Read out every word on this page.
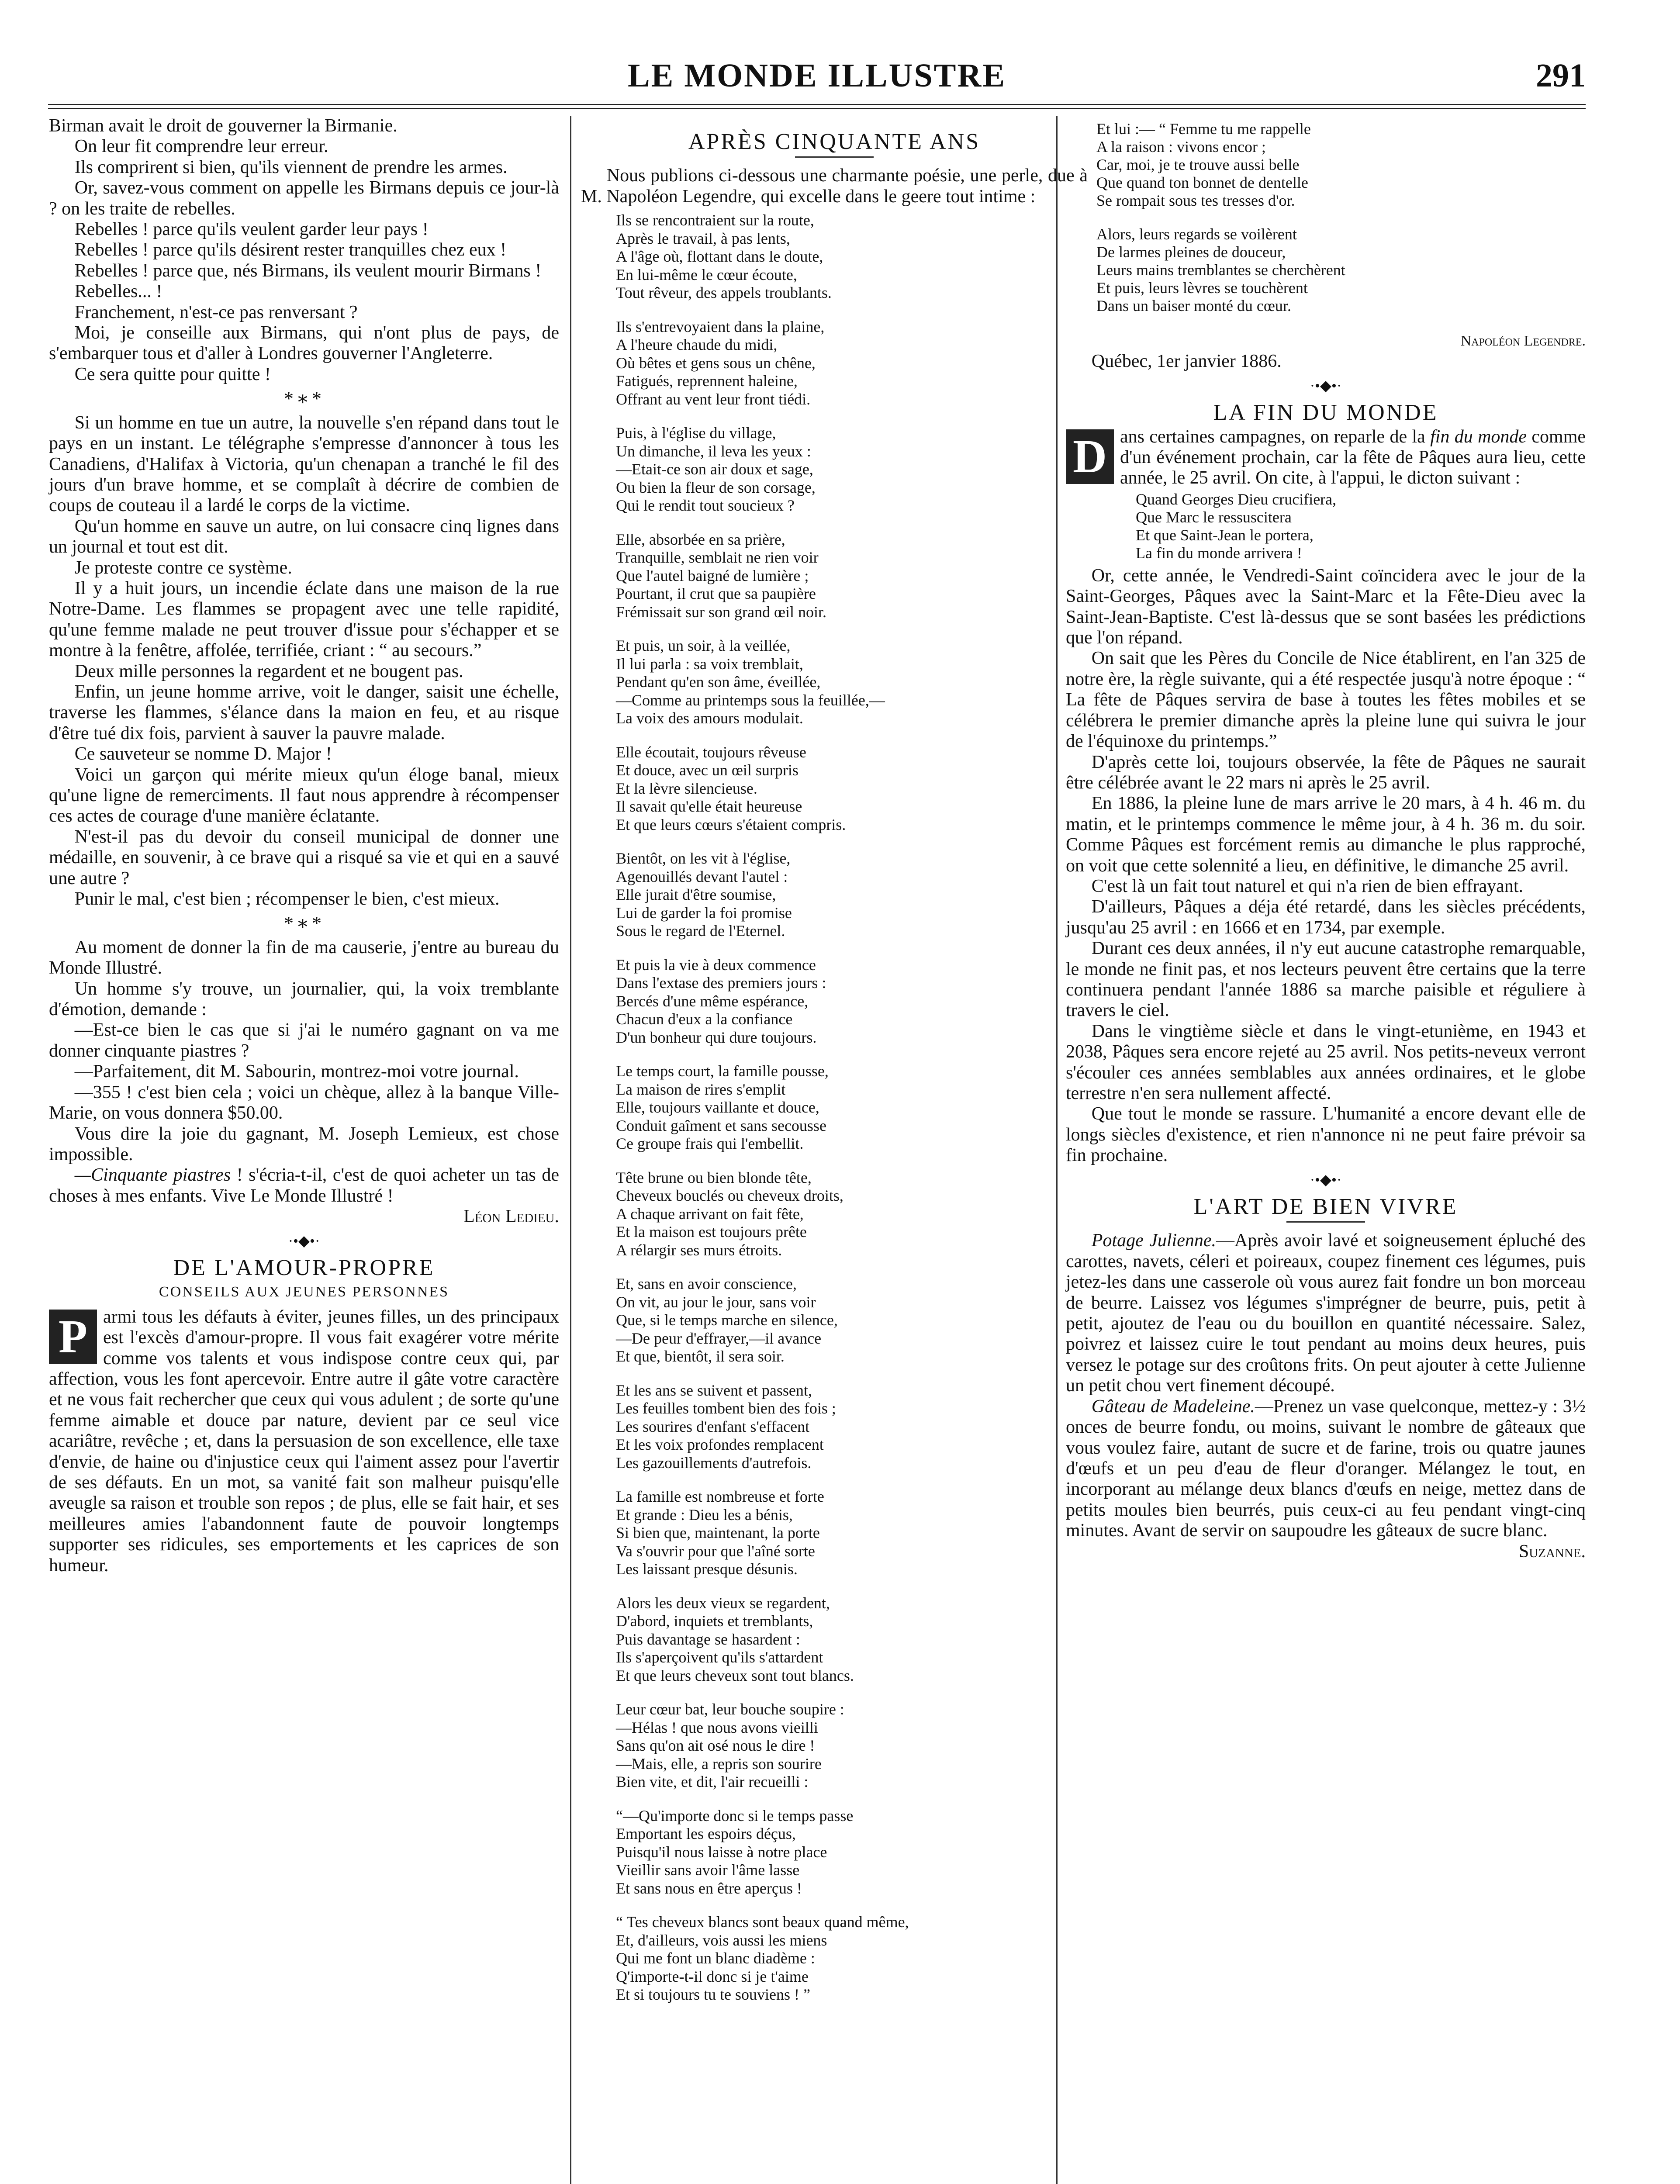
LE MONDE ILLUSTRE	291

Birman avait le droit de gouverner la Birmanie.

On leur fit comprendre leur erreur.

Ils comprirent si bien, qu'ils viennent de prendre les armes.

Or, savez-vous comment on appelle les Birmans depuis ce jour-là ? on les traite de rebelles.

Rebelles ! parce qu'ils veulent garder leur pays !

Rebelles ! parce qu'ils désirent rester tranquilles chez eux !

Rebelles ! parce que, nés Birmans, ils veulent mourir Birmans !

Rebelles... !

Franchement, n'est-ce pas renversant ?

Moi, je conseille aux Birmans, qui n'ont plus de pays, de s'embarquer tous et d'aller à Londres gouverner l'Angleterre.

Ce sera quitte pour quitte !

*∗*

Si un homme en tue un autre, la nouvelle s'en répand dans tout le pays en un instant. Le télégraphe s'empresse d'annoncer à tous les Canadiens, d'Halifax à Victoria, qu'un chenapan a tranché le fil des jours d'un brave homme, et se complaît à décrire de combien de coups de couteau il a lardé le corps de la victime.

Qu'un homme en sauve un autre, on lui consacre cinq lignes dans un journal et tout est dit.

Je proteste contre ce système.

Il y a huit jours, un incendie éclate dans une maison de la rue Notre-Dame. Les flammes se propagent avec une telle rapidité, qu'une femme malade ne peut trouver d'issue pour s'échapper et se montre à la fenêtre, affolée, terrifiée, criant : “ au secours.”

Deux mille personnes la regardent et ne bougent pas.

Enfin, un jeune homme arrive, voit le danger, saisit une échelle, traverse les flammes, s'élance dans la maion en feu, et au risque d'être tué dix fois, parvient à sauver la pauvre malade.

Ce sauveteur se nomme D. Major !

Voici un garçon qui mérite mieux qu'un éloge banal, mieux qu'une ligne de remerciments. Il faut nous apprendre à récompenser ces actes de courage d'une manière éclatante.

N'est-il pas du devoir du conseil municipal de donner une médaille, en souvenir, à ce brave qui a risqué sa vie et qui en a sauvé une autre ?

Punir le mal, c'est bien ; récompenser le bien, c'est mieux.

*∗*

Au moment de donner la fin de ma causerie, j'entre au bureau du Monde Illustré.

Un homme s'y trouve, un journalier, qui, la voix tremblante d'émotion, demande :

—Est-ce bien le cas que si j'ai le numéro gagnant on va me donner cinquante piastres ?

—Parfaitement, dit M. Sabourin, montrez-moi votre journal.

—355 ! c'est bien cela ; voici un chèque, allez à la banque Ville-Marie, on vous donnera $50.00.

Vous dire la joie du gagnant, M. Joseph Lemieux, est chose impossible.

—Cinquante piastres ! s'écria-t-il, c'est de quoi acheter un tas de choses à mes enfants. Vive Le Monde Illustré !

Léon Ledieu.
·•◆•·
DE L'AMOUR-PROPRE
CONSEILS AUX JEUNES PERSONNES

P armi tous les défauts à éviter, jeunes filles, un des principaux est l'excès d'amour-propre. Il vous fait exagérer votre mérite comme vos talents et vous indispose contre ceux qui, par affection, vous les font apercevoir. Entre autre il gâte votre caractère et ne vous fait rechercher que ceux qui vous adulent ; de sorte qu'une femme aimable et douce par nature, devient par ce seul vice acariâtre, revêche ; et, dans la persuasion de son excellence, elle taxe d'envie, de haine ou d'injustice ceux qui l'aiment assez pour l'avertir de ses défauts. En un mot, sa vanité fait son malheur puisqu'elle aveugle sa raison et trouble son repos ; de plus, elle se fait hair, et ses meilleures amies l'abandonnent faute de pouvoir longtemps supporter ses ridicules, ses emportements et les caprices de son humeur.

APRÈS CINQUANTE ANS

Nous publions ci-dessous une charmante poésie, une perle, due à M. Napoléon Legendre, qui excelle dans le geere tout intime :

Ils se rencontraient sur la route,
Après le travail, à pas lents,
A l'âge où, flottant dans le doute,
En lui-même le cœur écoute,
Tout rêveur, des appels troublants.
Ils s'entrevoyaient dans la plaine,
A l'heure chaude du midi,
Où bêtes et gens sous un chêne,
Fatigués, reprennent haleine,
Offrant au vent leur front tiédi.
Puis, à l'église du village,
Un dimanche, il leva les yeux :
—Etait-ce son air doux et sage,
Ou bien la fleur de son corsage,
Qui le rendit tout soucieux ?
Elle, absorbée en sa prière,
Tranquille, semblait ne rien voir
Que l'autel baigné de lumière ;
Pourtant, il crut que sa paupière
Frémissait sur son grand œil noir.
Et puis, un soir, à la veillée,
Il lui parla : sa voix tremblait,
Pendant qu'en son âme, éveillée,
—Comme au printemps sous la feuillée,—
La voix des amours modulait.
Elle écoutait, toujours rêveuse
Et douce, avec un œil surpris
Et la lèvre silencieuse.
Il savait qu'elle était heureuse
Et que leurs cœurs s'étaient compris.
Bientôt, on les vit à l'église,
Agenouillés devant l'autel :
Elle jurait d'être soumise,
Lui de garder la foi promise
Sous le regard de l'Eternel.
Et puis la vie à deux commence
Dans l'extase des premiers jours :
Bercés d'une même espérance,
Chacun d'eux a la confiance
D'un bonheur qui dure toujours.
Le temps court, la famille pousse,
La maison de rires s'emplit
Elle, toujours vaillante et douce,
Conduit gaîment et sans secousse
Ce groupe frais qui l'embellit.
Tête brune ou bien blonde tête,
Cheveux bouclés ou cheveux droits,
A chaque arrivant on fait fête,
Et la maison est toujours prête
A rélargir ses murs étroits.
Et, sans en avoir conscience,
On vit, au jour le jour, sans voir
Que, si le temps marche en silence,
—De peur d'effrayer,—il avance
Et que, bientôt, il sera soir.
Et les ans se suivent et passent,
Les feuilles tombent bien des fois ;
Les sourires d'enfant s'effacent
Et les voix profondes remplacent
Les gazouillements d'autrefois.
La famille est nombreuse et forte
Et grande : Dieu les a bénis,
Si bien que, maintenant, la porte
Va s'ouvrir pour que l'aîné sorte
Les laissant presque désunis.
Alors les deux vieux se regardent,
D'abord, inquiets et tremblants,
Puis davantage se hasardent :
Ils s'aperçoivent qu'ils s'attardent
Et que leurs cheveux sont tout blancs.
Leur cœur bat, leur bouche soupire :
—Hélas ! que nous avons vieilli
Sans qu'on ait osé nous le dire !
—Mais, elle, a repris son sourire
Bien vite, et dit, l'air recueilli :
“—Qu'importe donc si le temps passe
Emportant les espoirs déçus,
Puisqu'il nous laisse à notre place
Vieillir sans avoir l'âme lasse
Et sans nous en être aperçus !
“ Tes cheveux blancs sont beaux quand même,
Et, d'ailleurs, vois aussi les miens
Qui me font un blanc diadème :
Q'importe-t-il donc si je t'aime
Et si toujours tu te souviens ! ”
Et lui :— “ Femme tu me rappelle
A la raison : vivons encor ;
Car, moi, je te trouve aussi belle
Que quand ton bonnet de dentelle
Se rompait sous tes tresses d'or.
Alors, leurs regards se voilèrent
De larmes pleines de douceur,
Leurs mains tremblantes se cherchèrent
Et puis, leurs lèvres se touchèrent
Dans un baiser monté du cœur.
Napoléon Legendre.

Québec, 1er janvier 1886.

·•◆•·
LA FIN DU MONDE

D ans certaines campagnes, on reparle de la fin du monde comme d'un événement prochain, car la fête de Pâques aura lieu, cette année, le 25 avril. On cite, à l'appui, le dicton suivant :

Quand Georges Dieu crucifiera,
Que Marc le ressuscitera
Et que Saint-Jean le portera,
La fin du monde arrivera !

Or, cette année, le Vendredi-Saint coïncidera avec le jour de la Saint-Georges, Pâques avec la Saint-Marc et la Fête-Dieu avec la Saint-Jean-Baptiste. C'est là-dessus que se sont basées les prédictions que l'on répand.

On sait que les Pères du Concile de Nice établirent, en l'an 325 de notre ère, la règle suivante, qui a été respectée jusqu'à notre époque : “ La fête de Pâques servira de base à toutes les fêtes mobiles et se célébrera le premier dimanche après la pleine lune qui suivra le jour de l'équinoxe du printemps.”

D'après cette loi, toujours observée, la fête de Pâques ne saurait être célébrée avant le 22 mars ni après le 25 avril.

En 1886, la pleine lune de mars arrive le 20 mars, à 4 h. 46 m. du matin, et le printemps commence le même jour, à 4 h. 36 m. du soir. Comme Pâques est forcément remis au dimanche le plus rapproché, on voit que cette solennité a lieu, en définitive, le dimanche 25 avril.

C'est là un fait tout naturel et qui n'a rien de bien effrayant.

D'ailleurs, Pâques a déja été retardé, dans les siècles précédents, jusqu'au 25 avril : en 1666 et en 1734, par exemple.

Durant ces deux années, il n'y eut aucune catastrophe remarquable, le monde ne finit pas, et nos lecteurs peuvent être certains que la terre continuera pendant l'année 1886 sa marche paisible et réguliere à travers le ciel.

Dans le vingtième siècle et dans le vingt-etunième, en 1943 et 2038, Pâques sera encore rejeté au 25 avril. Nos petits-neveux verront s'écouler ces années semblables aux années ordinaires, et le globe terrestre n'en sera nullement affecté.

Que tout le monde se rassure. L'humanité a encore devant elle de longs siècles d'existence, et rien n'annonce ni ne peut faire prévoir sa fin prochaine.

·•◆•·
L'ART DE BIEN VIVRE

Potage Julienne.—Après avoir lavé et soigneusement épluché des carottes, navets, céleri et poireaux, coupez finement ces légumes, puis jetez-les dans une casserole où vous aurez fait fondre un bon morceau de beurre. Laissez vos légumes s'imprégner de beurre, puis, petit à petit, ajoutez de l'eau ou du bouillon en quantité nécessaire. Salez, poivrez et laissez cuire le tout pendant au moins deux heures, puis versez le potage sur des croûtons frits. On peut ajouter à cette Julienne un petit chou vert finement découpé.

Gâteau de Madeleine.—Prenez un vase quelconque, mettez-y : 3½ onces de beurre fondu, ou moins, suivant le nombre de gâteaux que vous voulez faire, autant de sucre et de farine, trois ou quatre jaunes d'œufs et un peu d'eau de fleur d'oranger. Mélangez le tout, en incorporant au mélange deux blancs d'œufs en neige, mettez dans de petits moules bien beurrés, puis ceux-ci au feu pendant vingt-cinq minutes. Avant de servir on saupoudre les gâteaux de sucre blanc.

Suzanne.
